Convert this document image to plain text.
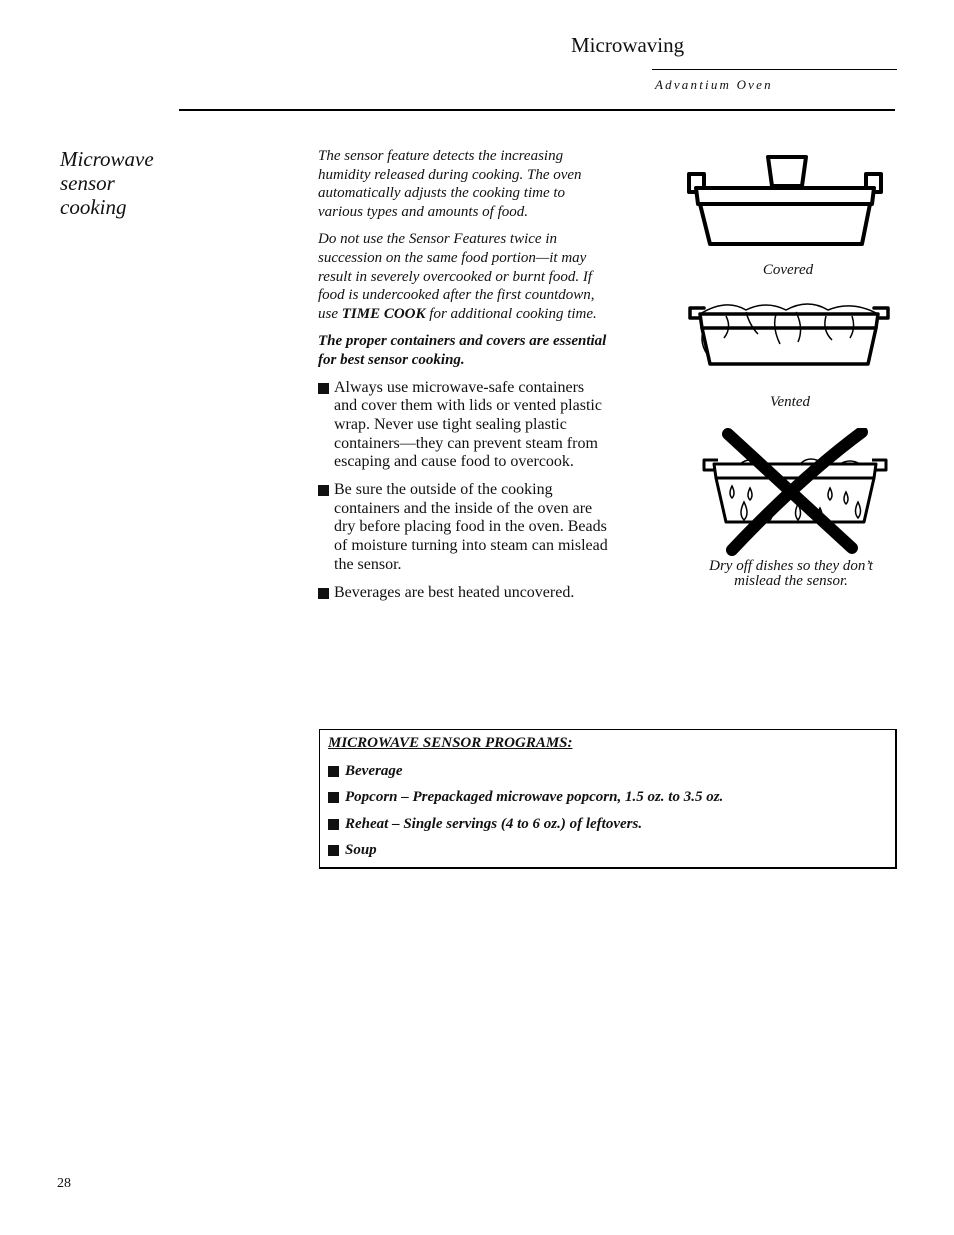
Microwaving
Advantium Oven
Microwave sensor cooking

The sensor feature detects the increasing humidity released during cooking. The oven automatically adjusts the cooking time to various types and amounts of food.

Do not use the Sensor Features twice in succession on the same food portion—it may result in severely overcooked or burnt food. If food is undercooked after the first countdown, use TIME COOK for additional cooking time.

The proper containers and covers are essential for best sensor cooking.

Always use microwave-safe containers and cover them with lids or vented plastic wrap. Never use tight sealing plastic containers—they can prevent steam from escaping and cause food to overcook.
Be sure the outside of the cooking containers and the inside of the oven are dry before placing food in the oven. Beads of moisture turning into steam can mislead the sensor.
Beverages are best heated uncovered.
Covered
Vented
Dry off dishes so they don’t
mislead the sensor.
MICROWAVE SENSOR PROGRAMS:
Beverage
Popcorn – Prepackaged microwave popcorn, 1.5 oz. to 3.5 oz.
Reheat – Single servings (4 to 6 oz.) of leftovers.
Soup
28
